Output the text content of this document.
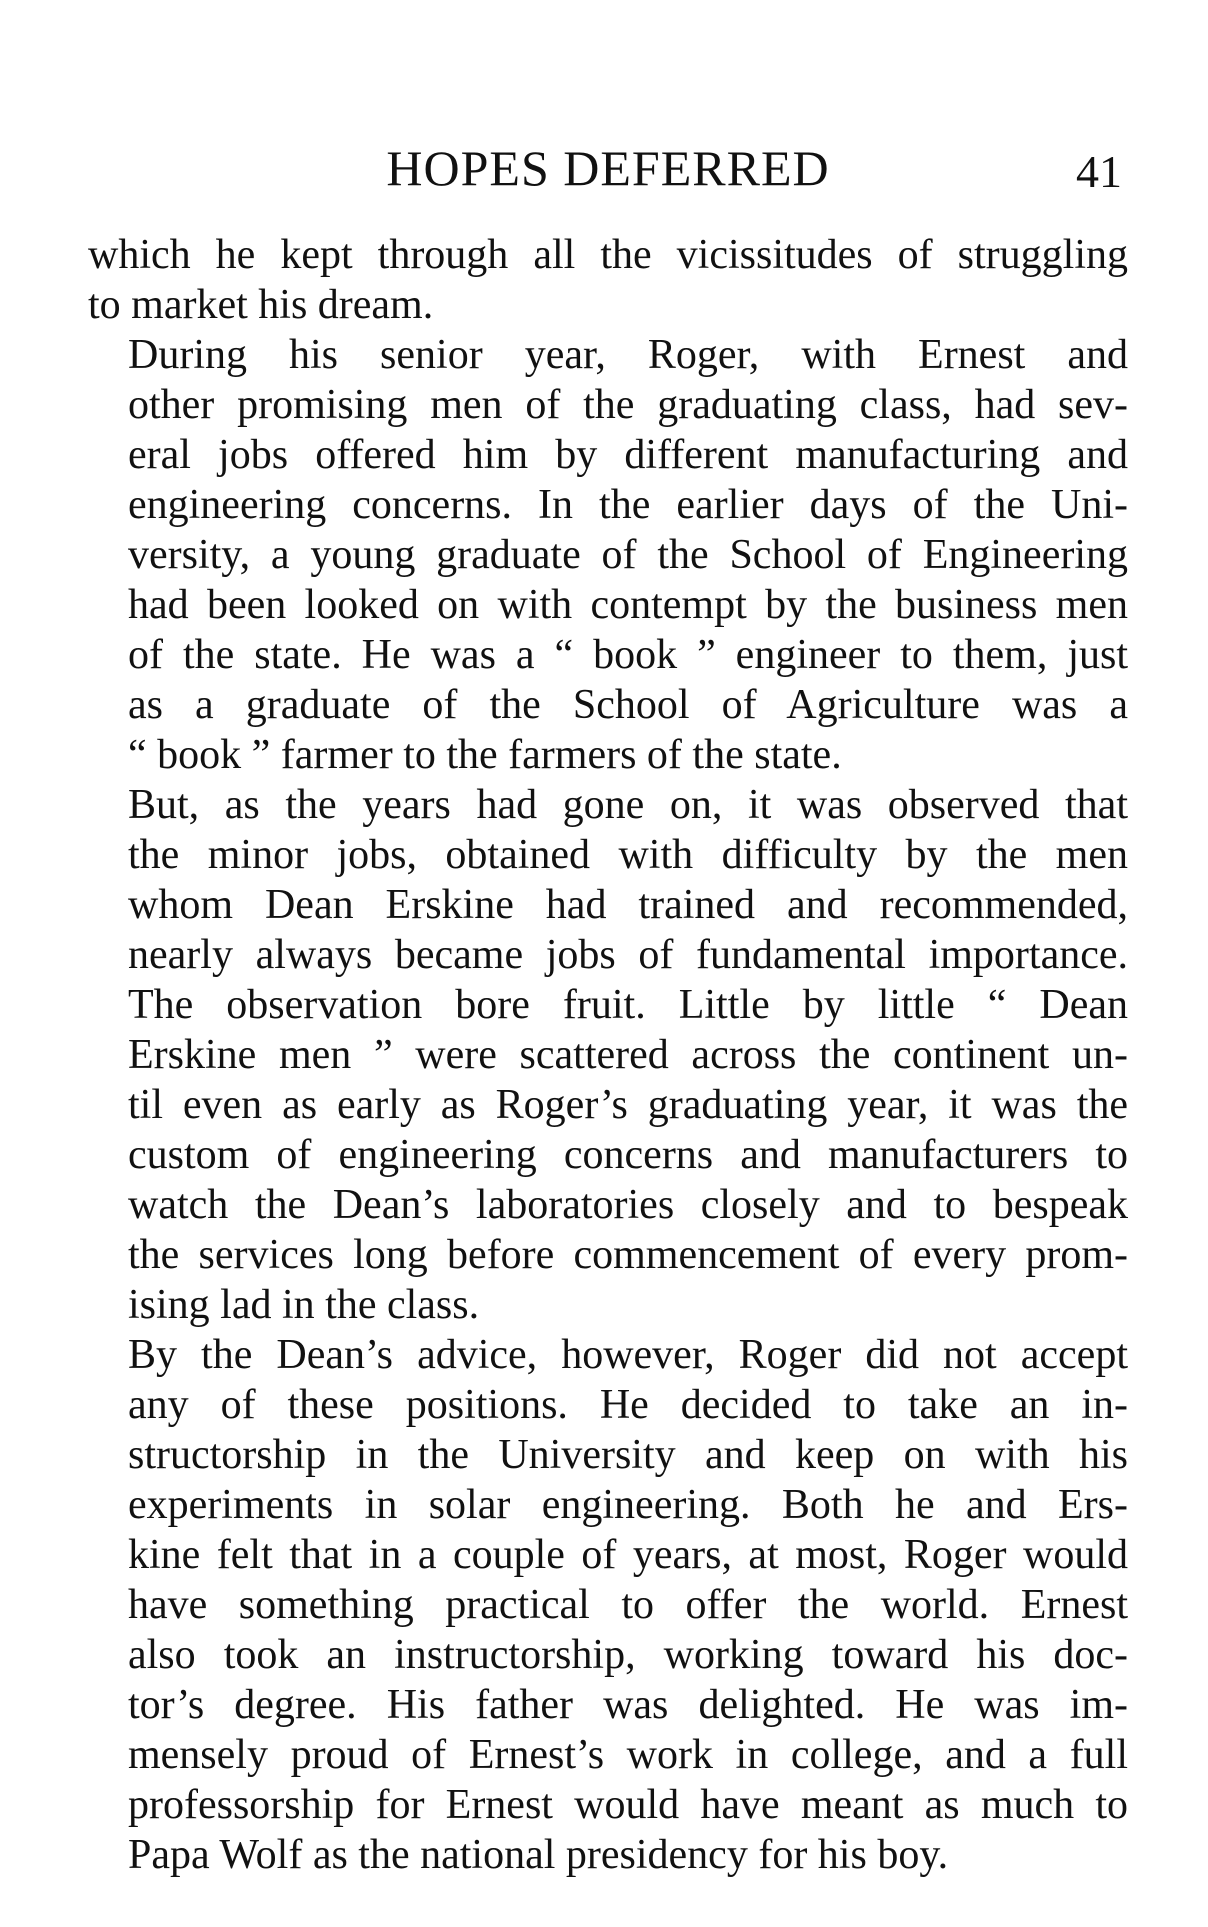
HOPES DEFERRED	41

which he kept through all the vicissitudes of struggling
to market his dream.

During his senior year, Roger, with Ernest and
other promising men of the graduating class, had sev-
eral jobs offered him by different manufacturing and
engineering concerns. In the earlier days of the Uni-
versity, a young graduate of the School of Engineering
had been looked on with contempt by the business men
of the state. He was a “ book ” engineer to them, just
as a graduate of the School of Agriculture was a
“ book ” farmer to the farmers of the state.

But, as the years had gone on, it was observed that
the minor jobs, obtained with difficulty by the men
whom Dean Erskine had trained and recommended,
nearly always became jobs of fundamental importance.
The observation bore fruit. Little by little “ Dean
Erskine men ” were scattered across the continent un-
til even as early as Roger’s graduating year, it was the
custom of engineering concerns and manufacturers to
watch the Dean’s laboratories closely and to bespeak
the services long before commencement of every prom-
ising lad in the class.

By the Dean’s advice, however, Roger did not accept
any of these positions. He decided to take an in-
structorship in the University and keep on with his
experiments in solar engineering. Both he and Ers-
kine felt that in a couple of years, at most, Roger would
have something practical to offer the world. Ernest
also took an instructorship, working toward his doc-
tor’s degree. His father was delighted. He was im-
mensely proud of Ernest’s work in college, and a full
professorship for Ernest would have meant as much to
Papa Wolf as the national presidency for his boy.
